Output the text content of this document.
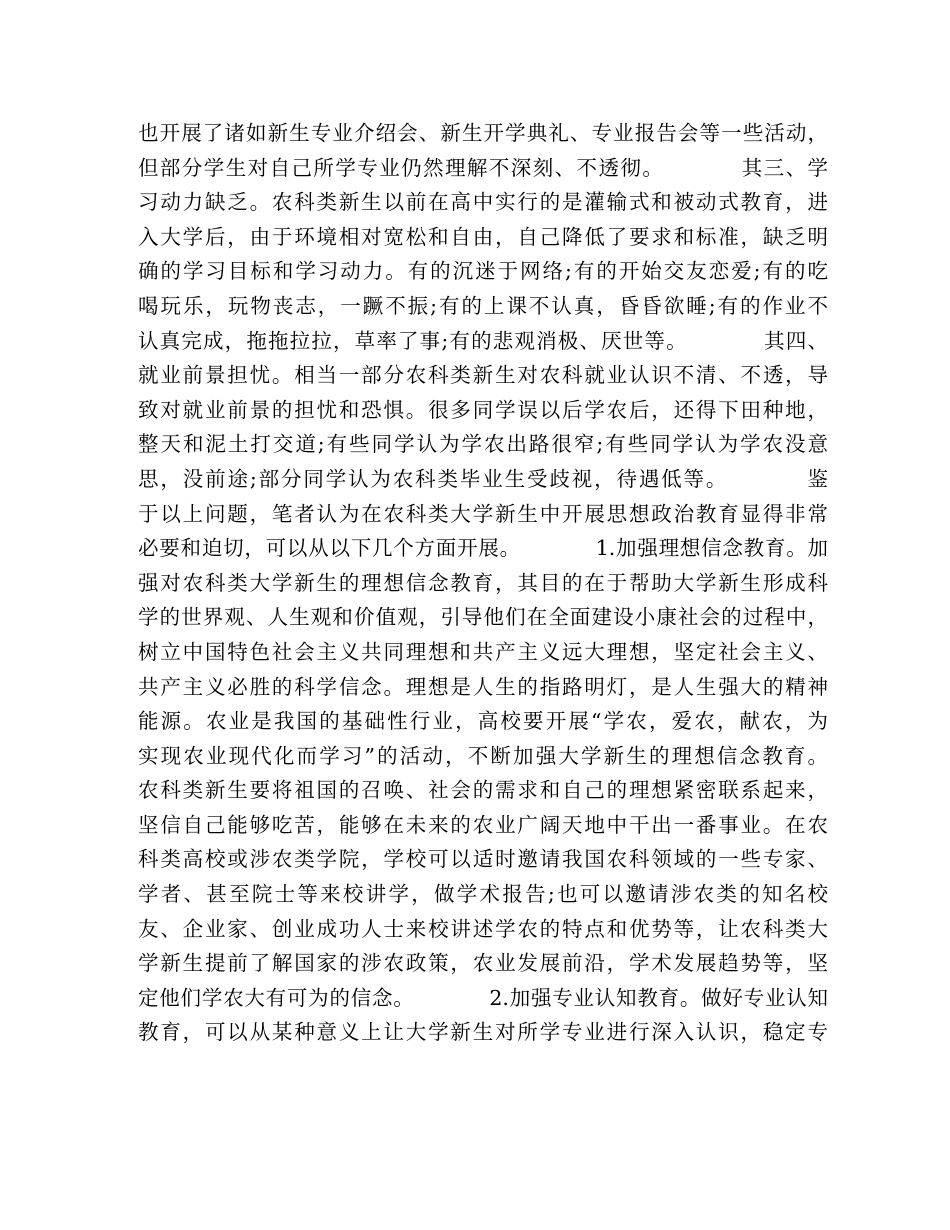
也开展了诸如新生专业介绍会、新生开学典礼、专业报告会等一些活动，
但部分学生对自己所学专业仍然理解不深刻、不透彻。　　　　其三、学
习动力缺乏。农科类新生以前在高中实行的是灌输式和被动式教育，进
入大学后，由于环境相对宽松和自由，自己降低了要求和标准，缺乏明
确的学习目标和学习动力。有的沉迷于网络;有的开始交友恋爱;有的吃
喝玩乐，玩物丧志，一蹶不振;有的上课不认真，昏昏欲睡;有的作业不
认真完成，拖拖拉拉，草率了事;有的悲观消极、厌世等。　　　　其四、
就业前景担忧。相当一部分农科类新生对农科就业认识不清、不透，导
致对就业前景的担忧和恐惧。很多同学误以后学农后，还得下田种地，
整天和泥土打交道;有些同学认为学农出路很窄;有些同学认为学农没意
思，没前途;部分同学认为农科类毕业生受歧视，待遇低等。　　　　鉴
于以上问题，笔者认为在农科类大学新生中开展思想政治教育显得非常
必要和迫切，可以从以下几个方面开展。　　　　1.加强理想信念教育。加
强对农科类大学新生的理想信念教育，其目的在于帮助大学新生形成科
学的世界观、人生观和价值观，引导他们在全面建设小康社会的过程中，
树立中国特色社会主义共同理想和共产主义远大理想，坚定社会主义、
共产主义必胜的科学信念。理想是人生的指路明灯，是人生强大的精神
能源。农业是我国的基础性行业，高校要开展“学农，爱农，献农，为
实现农业现代化而学习”的活动，不断加强大学新生的理想信念教育。
农科类新生要将祖国的召唤、社会的需求和自己的理想紧密联系起来，
坚信自己能够吃苦，能够在未来的农业广阔天地中干出一番事业。在农
科类高校或涉农类学院，学校可以适时邀请我国农科领域的一些专家、
学者、甚至院士等来校讲学，做学术报告;也可以邀请涉农类的知名校
友、企业家、创业成功人士来校讲述学农的特点和优势等，让农科类大
学新生提前了解国家的涉农政策，农业发展前沿，学术发展趋势等，坚
定他们学农大有可为的信念。　　　　2.加强专业认知教育。做好专业认知
教育，可以从某种意义上让大学新生对所学专业进行深入认识，稳定专
